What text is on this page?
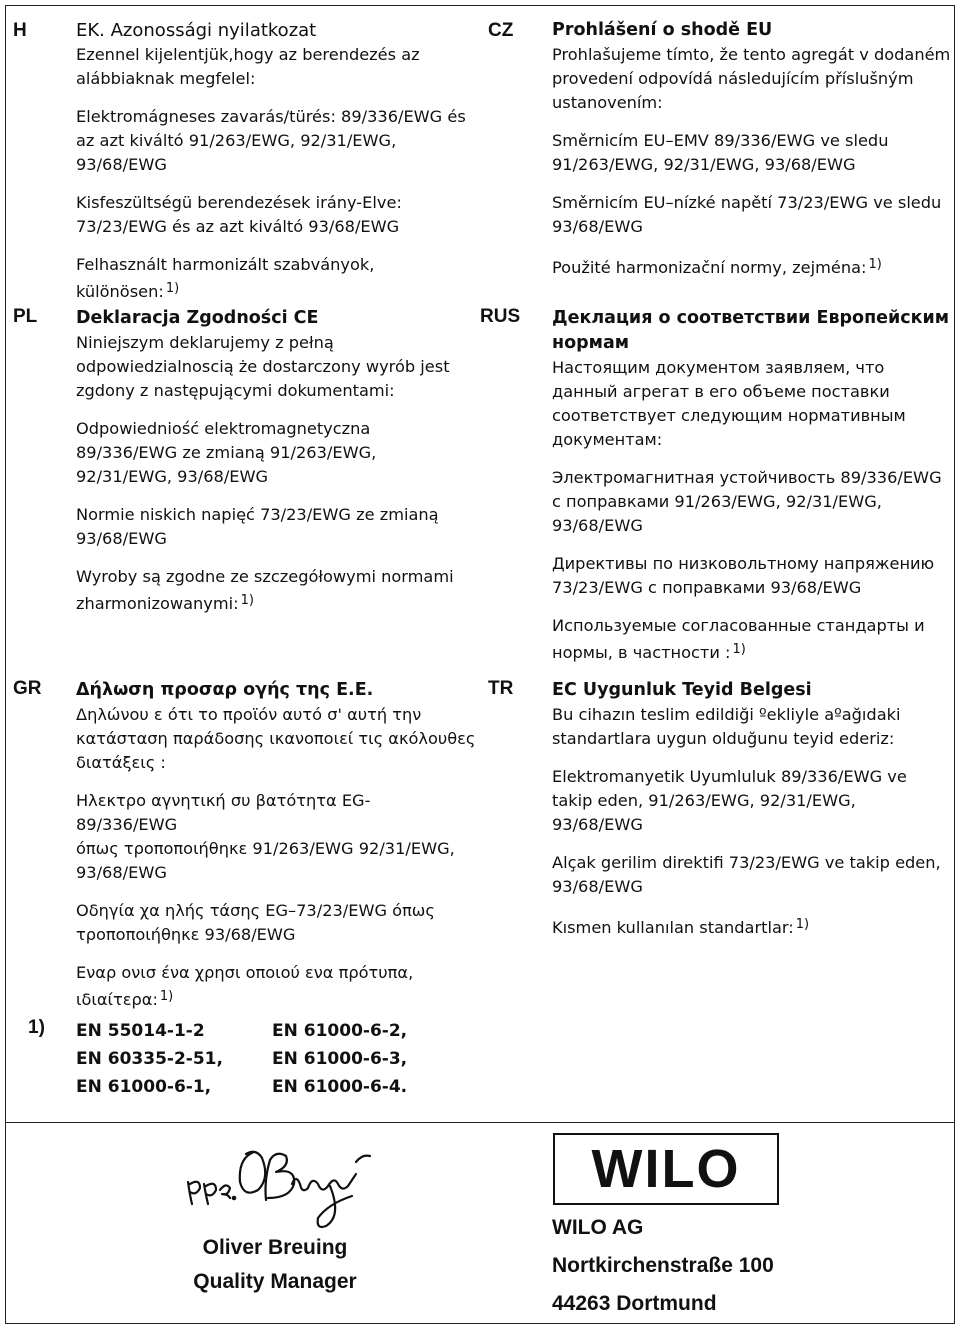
H	EK. Azonossági nyilatkozat

Ezennel kijelentjük,hogy az berendezés az
alábbiaknak megfelel:

Elektromágneses zavarás/türés: 89/336/EWG és
az azt kiváltó 91/263/EWG, 92/31/EWG,
93/68/EWG

Kisfeszültségü berendezések irány-Elve:
73/23/EWG és az azt kiváltó 93/68/EWG

Felhasznált harmonizált szabványok, különösen: $^{1)}$

CZ Prohlášení o shodě EU

Prohlašujeme tímto, že tento agregát v dodaném
provedení odpovídá následujícím příslušným
ustanovením:

Směrnicím EU–EMV 89/336/EWG ve sledu
91/263/EWG, 92/31/EWG, 93/68/EWG

Směrnicím EU–nízké napětí 73/23/EWG ve sledu
93/68/EWG

Použité harmonizační normy, zejména: $^{1)}$

PL Deklaracja Zgodności CE

Niniejszym deklarujemy z pełną
odpowiedzialnoscią że dostarczony wyrób jest
zgdony z następującymi dokumentami:

Odpowiedniość elektromagnetyczna
89/336/EWG ze zmianą 91/263/EWG,
92/31/EWG, 93/68/EWG

Normie niskich napięć 73/23/EWG ze zmianą
93/68/EWG

Wyroby są zgodne ze szczegółowymi normami
zharmonizowanymi: $^{1)}$

RUS Деклация о соответствии Европейским
нормам

Настоящим документом заявляем, что
данный агрегат в его объеме поставки
соответствует следующим нормативным
документам:

Электромагнитная устойчивость 89/336/EWG
с поправками 91/263/EWG, 92/31/EWG,
93/68/EWG

Директивы по низковольтному напряжению
73/23/EWG с поправками 93/68/EWG

Используемые согласованные стандарты и
нормы, в частности : $^{1)}$

GR Δήλωση προσαρ ογής της Ε.Ε.

Δηλώνου ε ότι το προϊόν αυτό σ' αυτή την
κατάσταση παράδοσης ικανοποιεί τις ακόλουθες
διατάξεις :

Ηλεκτρο αγνητική συ βατότητα EG-
89/336/EWG
όπως τροποποιήθηκε 91/263/EWG 92/31/EWG,
93/68/EWG

Οδηγία χα ηλής τάσης EG–73/23/EWG όπως
τροποποιήθηκε 93/68/EWG

Εναρ ονισ ένα χρησι οποιού ενα πρότυπα,
ιδιαίτερα: $^{1)}$

TR EC Uygunluk Teyid Belgesi

Bu cihazın teslim edildiği ºekliyle aºağıdaki
standartlara uygun olduğunu teyid ederiz:

Elektromanyetik Uyumluluk 89/336/EWG ve
takip eden, 91/263/EWG, 92/31/EWG,
93/68/EWG

Alçak gerilim direktifi 73/23/EWG ve takip eden,
93/68/EWG

Kısmen kullanılan standartlar: $^{1)}$

1) EN 55014-1-2
EN 60335-2-51,
EN 61000-6-1,
EN 61000-6-2,
EN 61000-6-3,
EN 61000-6-4.
Oliver Breuing
Quality Manager
WILO
WILO AG
Nortkirchenstraße 100
44263 Dortmund
